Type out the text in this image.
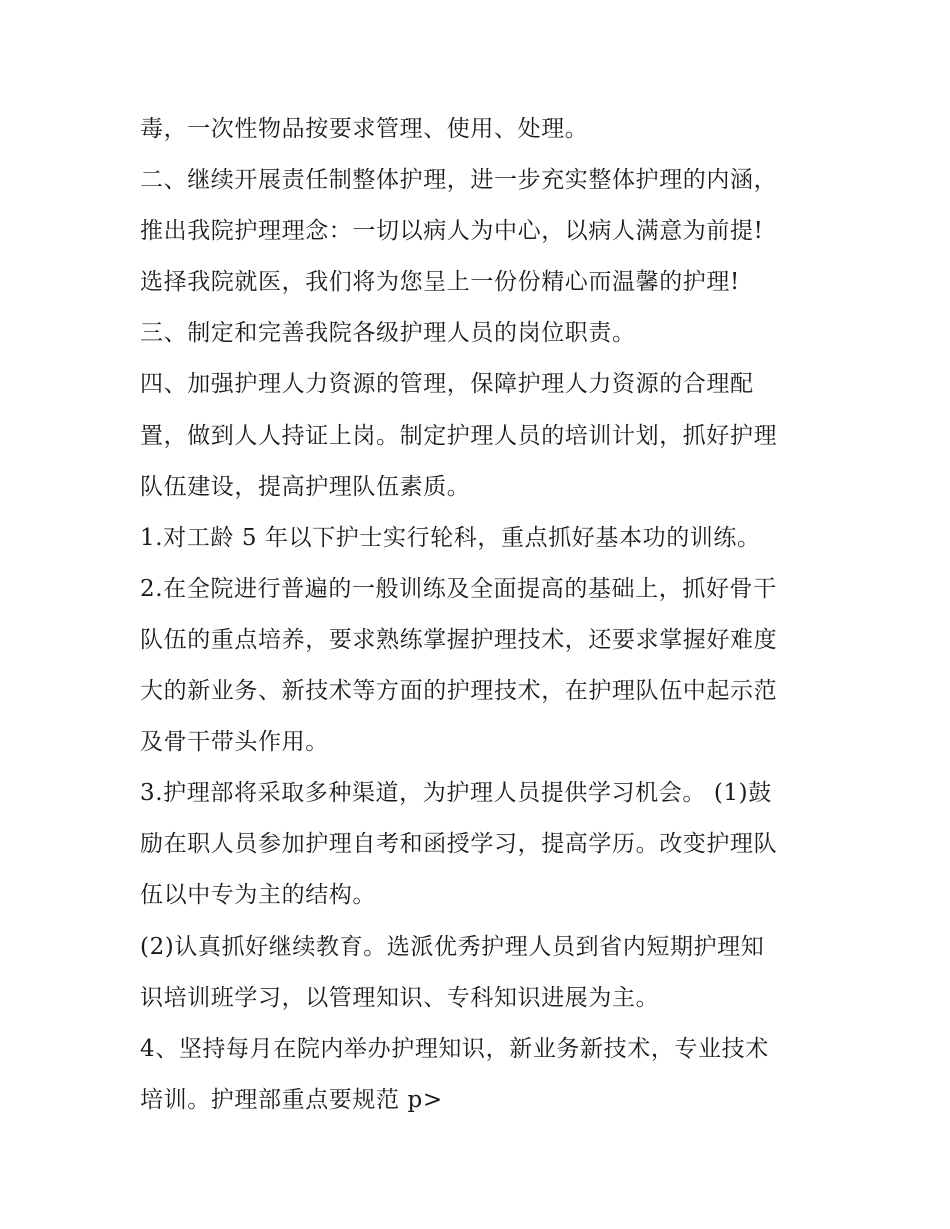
毒，一次性物品按要求管理、使用、处理。
二、继续开展责任制整体护理，进一步充实整体护理的内涵，
推出我院护理理念：一切以病人为中心，以病人满意为前提!
选择我院就医，我们将为您呈上一份份精心而温馨的护理!
三、制定和完善我院各级护理人员的岗位职责。
四、加强护理人力资源的管理，保障护理人力资源的合理配
置，做到人人持证上岗。制定护理人员的培训计划，抓好护理
队伍建设，提高护理队伍素质。
1.对工龄 5 年以下护士实行轮科，重点抓好基本功的训练。
2.在全院进行普遍的一般训练及全面提高的基础上，抓好骨干
队伍的重点培养，要求熟练掌握护理技术，还要求掌握好难度
大的新业务、新技术等方面的护理技术，在护理队伍中起示范
及骨干带头作用。
3.护理部将采取多种渠道，为护理人员提供学习机会。 (1)鼓
励在职人员参加护理自考和函授学习，提高学历。改变护理队
伍以中专为主的结构。
(2)认真抓好继续教育。选派优秀护理人员到省内短期护理知
识培训班学习，以管理知识、专科知识进展为主。
4、坚持每月在院内举办护理知识，新业务新技术，专业技术
培训。护理部重点要规范 p>
